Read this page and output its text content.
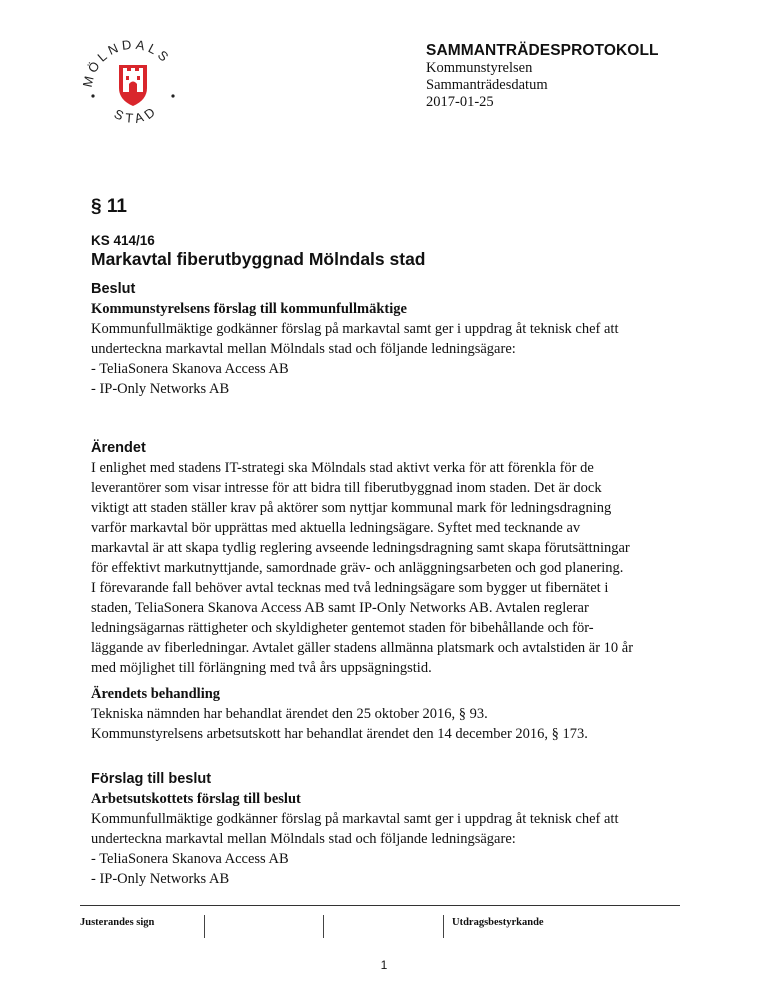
MÖLNDALS
STAD
SAMMANTRÄDESPROTOKOLL
Kommunstyrelsen
Sammanträdesdatum
2017-01-25
§ 11
KS 414/16
Markavtal fiberutbyggnad Mölndals stad
Beslut
Kommunstyrelsens förslag till kommunfullmäktige
Kommunfullmäktige godkänner förslag på markavtal samt ger i uppdrag åt teknisk chef att
underteckna markavtal mellan Mölndals stad och följande ledningsägare:
- TeliaSonera Skanova Access AB
- IP-Only Networks AB
Ärendet
I enlighet med stadens IT-strategi ska Mölndals stad aktivt verka för att förenkla för de
leverantörer som visar intresse för att bidra till fiberutbyggnad inom staden. Det är dock
viktigt att staden ställer krav på aktörer som nyttjar kommunal mark för ledningsdragning
varför markavtal bör upprättas med aktuella ledningsägare. Syftet med tecknande av
markavtal är att skapa tydlig reglering avseende ledningsdragning samt skapa förutsättningar
för effektivt markutnyttjande, samordnade gräv- och anläggningsarbeten och god planering.
I förevarande fall behöver avtal tecknas med två ledningsägare som bygger ut fibernätet i
staden, TeliaSonera Skanova Access AB samt IP-Only Networks AB. Avtalen reglerar
ledningsägarnas rättigheter och skyldigheter gentemot staden för bibehållande och för-
läggande av fiberledningar. Avtalet gäller stadens allmänna platsmark och avtalstiden är 10 år
med möjlighet till förlängning med två års uppsägningstid.
Ärendets behandling
Tekniska nämnden har behandlat ärendet den 25 oktober 2016, § 93.
Kommunstyrelsens arbetsutskott har behandlat ärendet den 14 december 2016, § 173.
Förslag till beslut
Arbetsutskottets förslag till beslut
Kommunfullmäktige godkänner förslag på markavtal samt ger i uppdrag åt teknisk chef att
underteckna markavtal mellan Mölndals stad och följande ledningsägare:
- TeliaSonera Skanova Access AB
- IP-Only Networks AB
Justerandes sign	Utdragsbestyrkande
1
